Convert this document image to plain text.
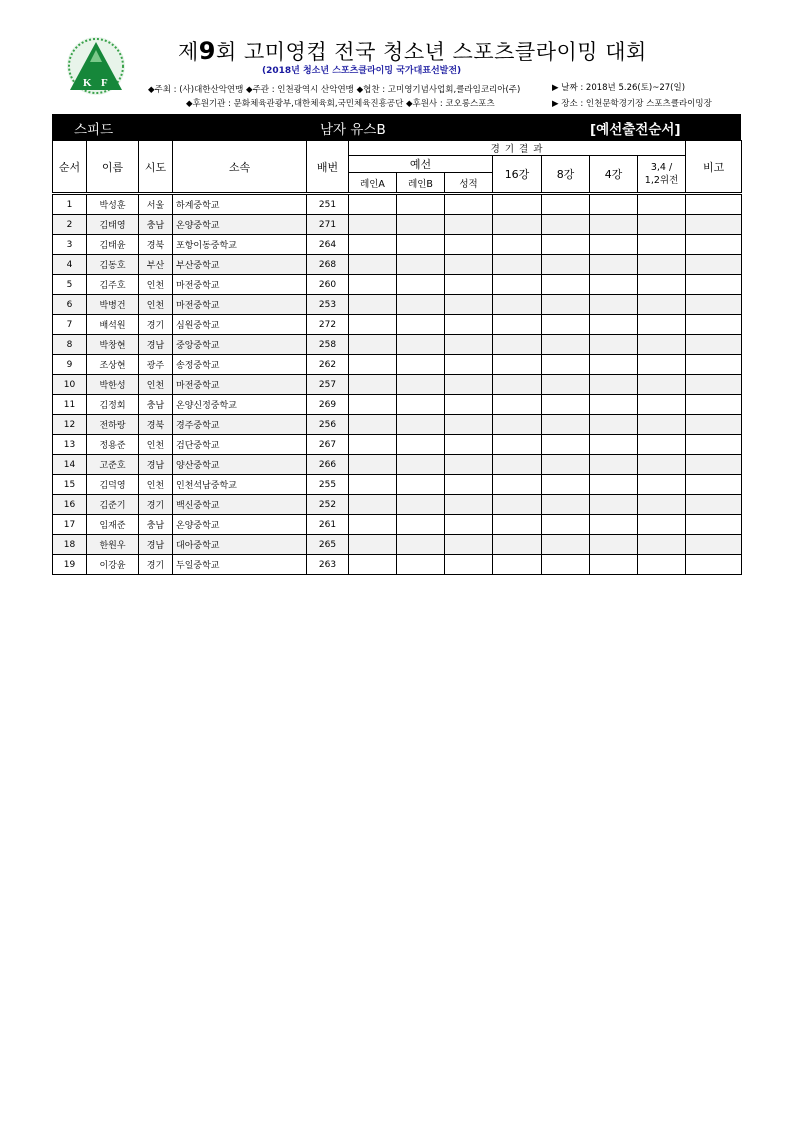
K F
제9회 고미영컵 전국 청소년 스포츠클라이밍 대회
(2018년 청소년 스포츠클라이밍 국가대표선발전)
◆주최 : (사)대한산악연맹 ◆주관 : 인천광역시 산악연맹 ◆협찬 : 고미영기념사업회,클라임코리아(주)
◆후원기관 : 문화체육관광부,대한체육회,국민체육진흥공단 ◆후원사 : 코오롱스포츠
▶ 날짜 : 2018년 5.26(토)~27(일)
▶ 장소 : 인천문학경기장 스포츠클라이밍장
스피드	남자 유스B	[예선출전순서]
순서	이름	시도	소속	배번	경 기 결 과							비고
					예선			16강	8강	4강	3,4 /
1,2위전	
					레인A	레인B	성적					
1	박성훈	서울	하계중학교	251								
2	김태영	충남	온양중학교	271								
3	김태윤	경북	포항이동중학교	264								
4	김동호	부산	부산중학교	268								
5	김주호	인천	마전중학교	260								
6	박병건	인천	마전중학교	253								
7	배석원	경기	심원중학교	272								
8	박창현	경남	중앙중학교	258								
9	조상현	광주	송정중학교	262								
10	박한성	인천	마전중학교	257								
11	김정회	충남	온양신정중학교	269								
12	전하랑	경북	경주중학교	256								
13	정용준	인천	검단중학교	267								
14	고준호	경남	양산중학교	266								
15	김덕영	인천	인천석남중학교	255								
16	김준기	경기	백신중학교	252								
17	임재준	충남	온양중학교	261								
18	한원우	경남	대아중학교	265								
19	이강윤	경기	두일중학교	263								
